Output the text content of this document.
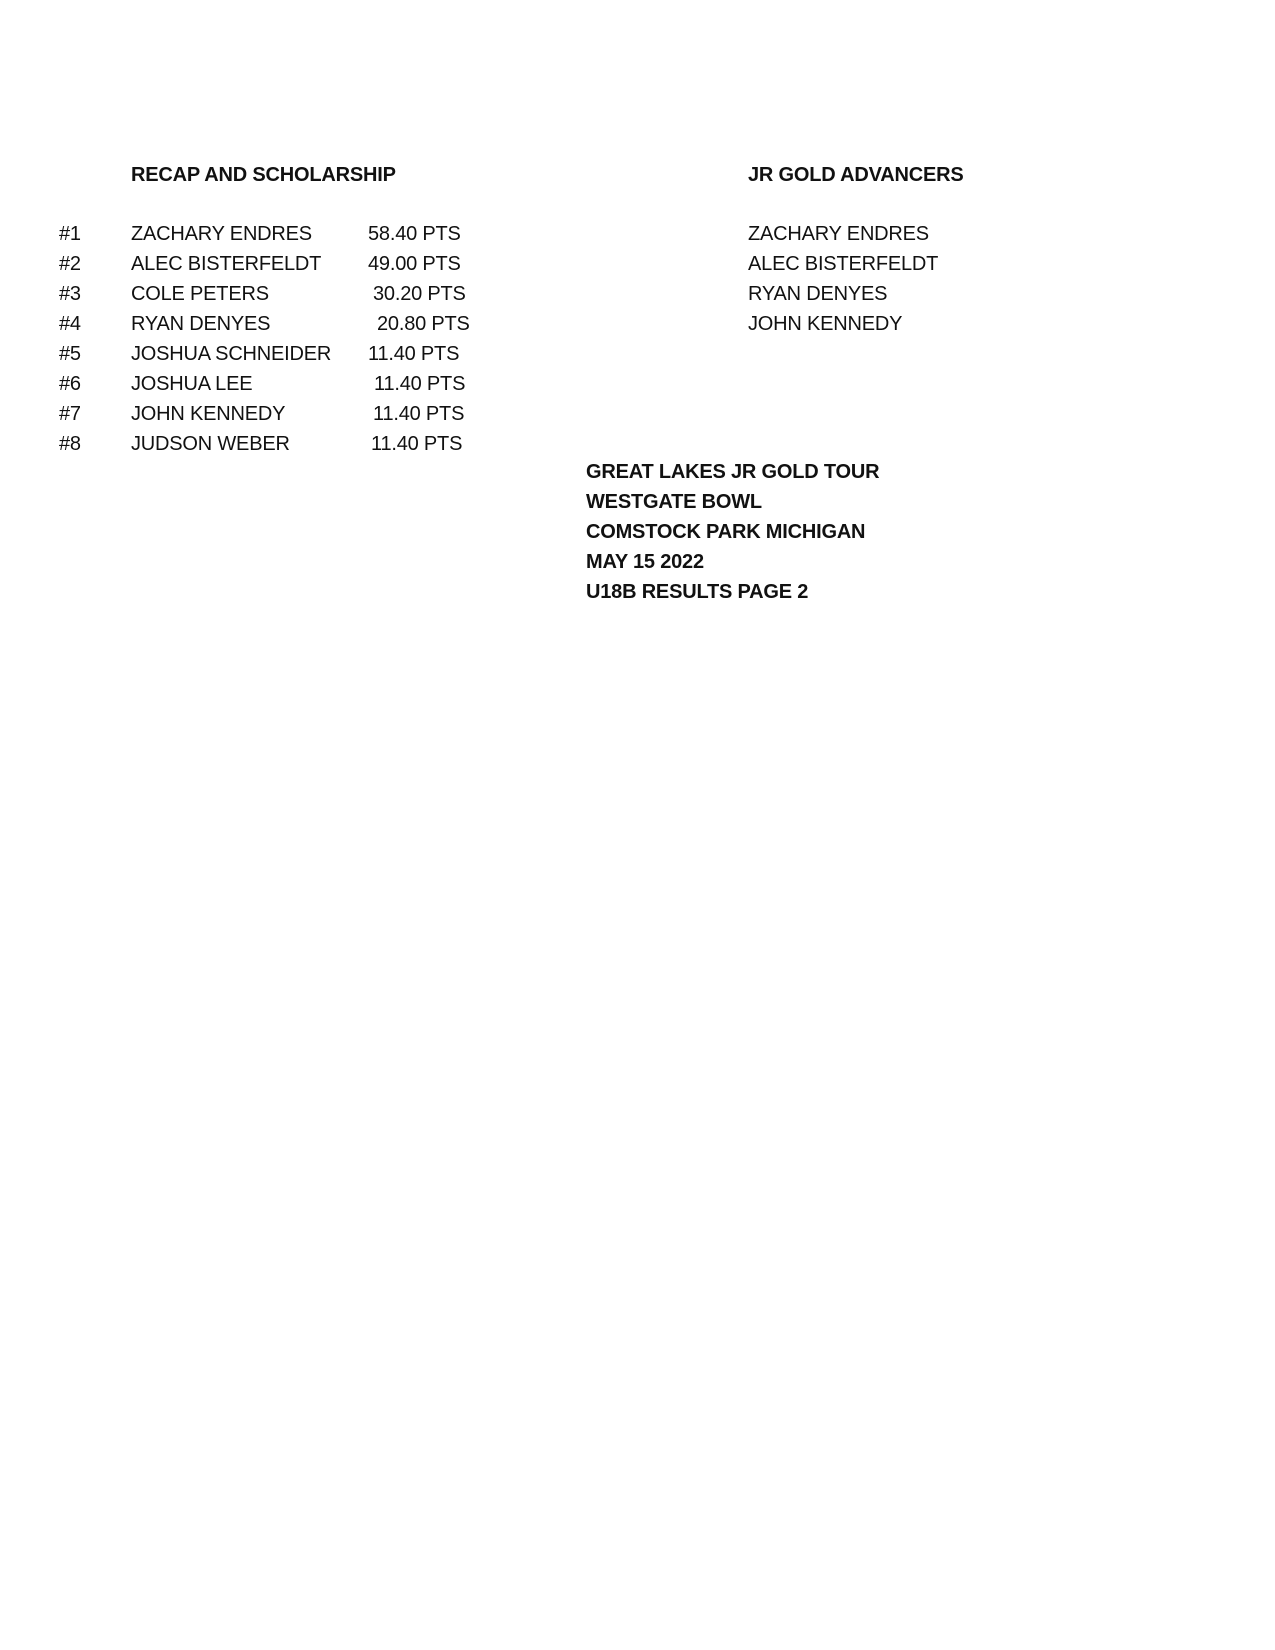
RECAP AND SCHOLARSHIP	JR GOLD ADVANCERS
#1	ZACHARY ENDRES	58.40 PTS
#2	ALEC BISTERFELDT 49.00 PTS
#3	COLE PETERS	30.20 PTS
#4	RYAN DENYES	20.80 PTS
#5	JOSHUA SCHNEIDER 11.40 PTS
#6	JOSHUA LEE	11.40 PTS
#7	JOHN KENNEDY	11.40 PTS
#8	JUDSON WEBER	11.40 PTS
ZACHARY ENDRES
ALEC BISTERFELDT
RYAN DENYES
JOHN KENNEDY
GREAT LAKES JR GOLD TOUR
WESTGATE BOWL
COMSTOCK PARK MICHIGAN
MAY 15 2022
U18B RESULTS PAGE 2
